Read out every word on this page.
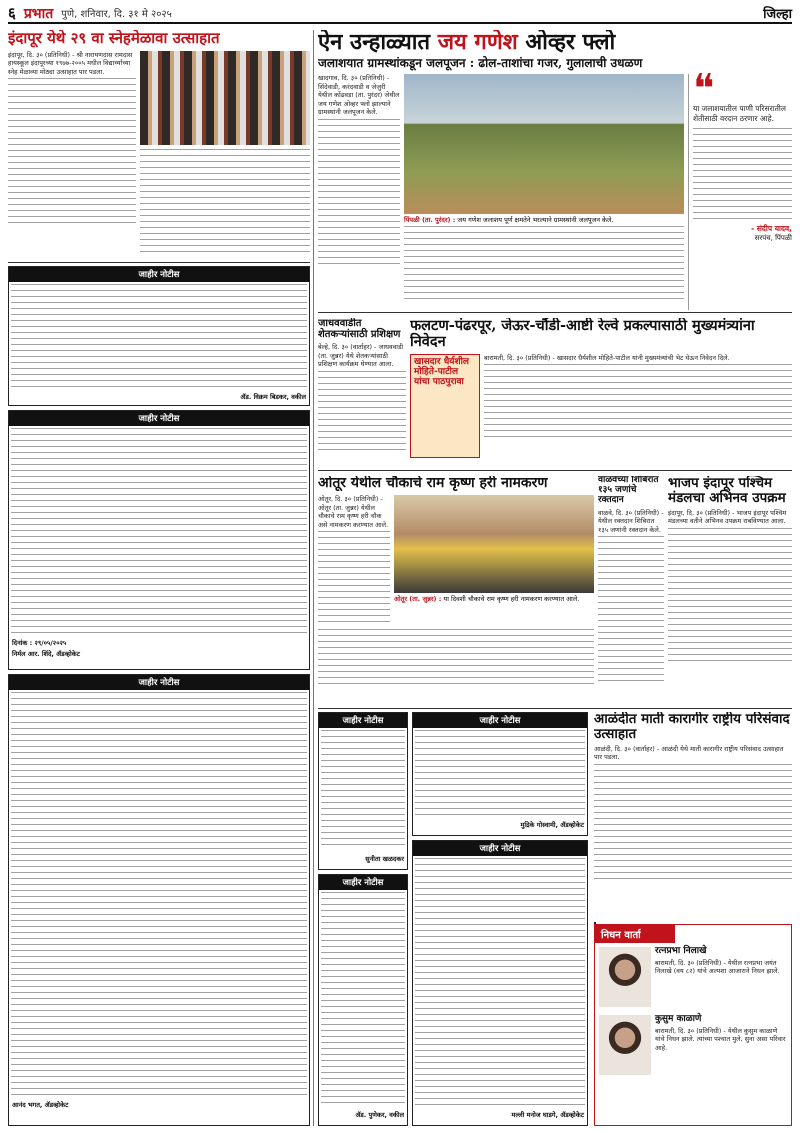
६ प्रभात पुणे, शनिवार, दि. ३१ मे २०२५	जिल्हा
इंदापूर येथे २९ वा स्नेहमेळावा उत्साहात
इंदापूर, दि. ३० (प्रतिनिधी) - श्री नारायणदास रामदास हायस्कूल इंदापूरच्या १९७७-२००५ मधील विद्यार्थ्यांच्या स्नेह मेळाव्या मोठ्या उत्साहात पार पडला.
जाहीर नोटीस
ॲड. विक्रम बिडकर, वकील
जाहीर नोटीस
दिनांक : २९/०५/२०२५
निर्मल आर. शिंदे, ॲडव्होकेट
जाहीर नोटीस
आनंद भगत, ॲडव्होकेट
ऐन उन्हाळ्यात जय गणेश ओव्हर फ्लो
जलाशयात ग्रामस्थांकडून जलपूजन : ढोल-ताशांचा गजर, गुलालाची उधळण
खादगाव, दि. ३० (प्रतिनिधी) - सिंदेवाडी, करंदवाडी व जेजुरी येथील कोंढवडा (ता. पुरंदर) जेथील जय गणेश ओव्हर फ्लो झाल्याने ग्रामस्थांनी जलपूजन केले.
पिंपळी (ता. पुरंदर) : जय गणेश जलाशय पूर्ण क्षमतेने भरल्याने ग्रामस्थांनी जलपूजन केले.
❝
या जलाशयातील पाणी परिसरातील शेतीसाठी वरदान ठरणार आहे.
- संदीप यादव,
सरपंच, पिंपळी
जाधववाडीत शेतकऱ्यांसाठी प्रशिक्षण
बेल्हे, दि. ३० (वार्ताहर) - जाधववाडी (ता. जुन्नर) येथे शेतकऱ्यांसाठी प्रशिक्षण कार्यक्रम घेण्यात आला.
फलटण-पंढरपूर, जेऊर-चौंडी-आष्टी रेल्वे प्रकल्पासाठी मुख्यमंत्र्यांना निवेदन
खासदार धैर्यशील मोहिते-पाटील यांचा पाठपुरावा
बारामती, दि. ३० (प्रतिनिधी) - खासदार धैर्यशील मोहिते-पाटील यांनी मुख्यमंत्र्यांची भेट घेऊन निवेदन दिले.
ओतूर येथील चौकाचे राम कृष्ण हरी नामकरण
ओतूर, दि. ३० (प्रतिनिधी) - ओतूर (ता. जुन्नर) येथील चौकाचे राम कृष्ण हरी चौक असे नामकरण करण्यात आले.
ओतूर (ता. जुन्नर) : या दिवशी चौकाचे राम कृष्ण हरी नामकरण करण्यात आले.
वाळवेच्या शिबिरात १३५ जणांचे रक्तदान
वाळवे, दि. ३० (प्रतिनिधी) - येथील रक्तदान शिबिरात १३५ जणांनी रक्तदान केले.
भाजप इंदापूर पश्चिम मंडलचा अभिनव उपक्रम
इंदापूर, दि. ३० (प्रतिनिधी) - भाजप इंदापूर पश्चिम मंडलच्या वतीने अभिनव उपक्रम राबविण्यात आला.
जाहीर नोटीस
सुनीता खळदकर
जाहीर नोटीस
मुद्रिके गोस्वामी, ॲडव्होकेट
जाहीर नोटीस
ॲड. पुणेकर, वकील
जाहीर नोटीस
मल्ली मनोज घाडगे, ॲडव्होकेट
आळंदीत माती कारागीर राष्ट्रीय परिसंवाद उत्साहात
आळंदी, दि. ३० (वार्ताहर) - आळंदी येथे माती कारागीर राष्ट्रीय परिसंवाद उत्साहात पार पडला.
निधन वार्ता
रत्नप्रभा निलाखे
बारामती, दि. ३० (प्रतिनिधी) - येथील रत्नप्रभा जयंत निलाखे (वय ८२) यांचे अल्पशा आजाराने निधन झाले.
कुसुम काळाणे
बारामती, दि. ३० (प्रतिनिधी) - येथील कुसुम काळाणे यांचे निधन झाले. त्यांच्या पश्चात मुले, सुना असा परिवार आहे.
